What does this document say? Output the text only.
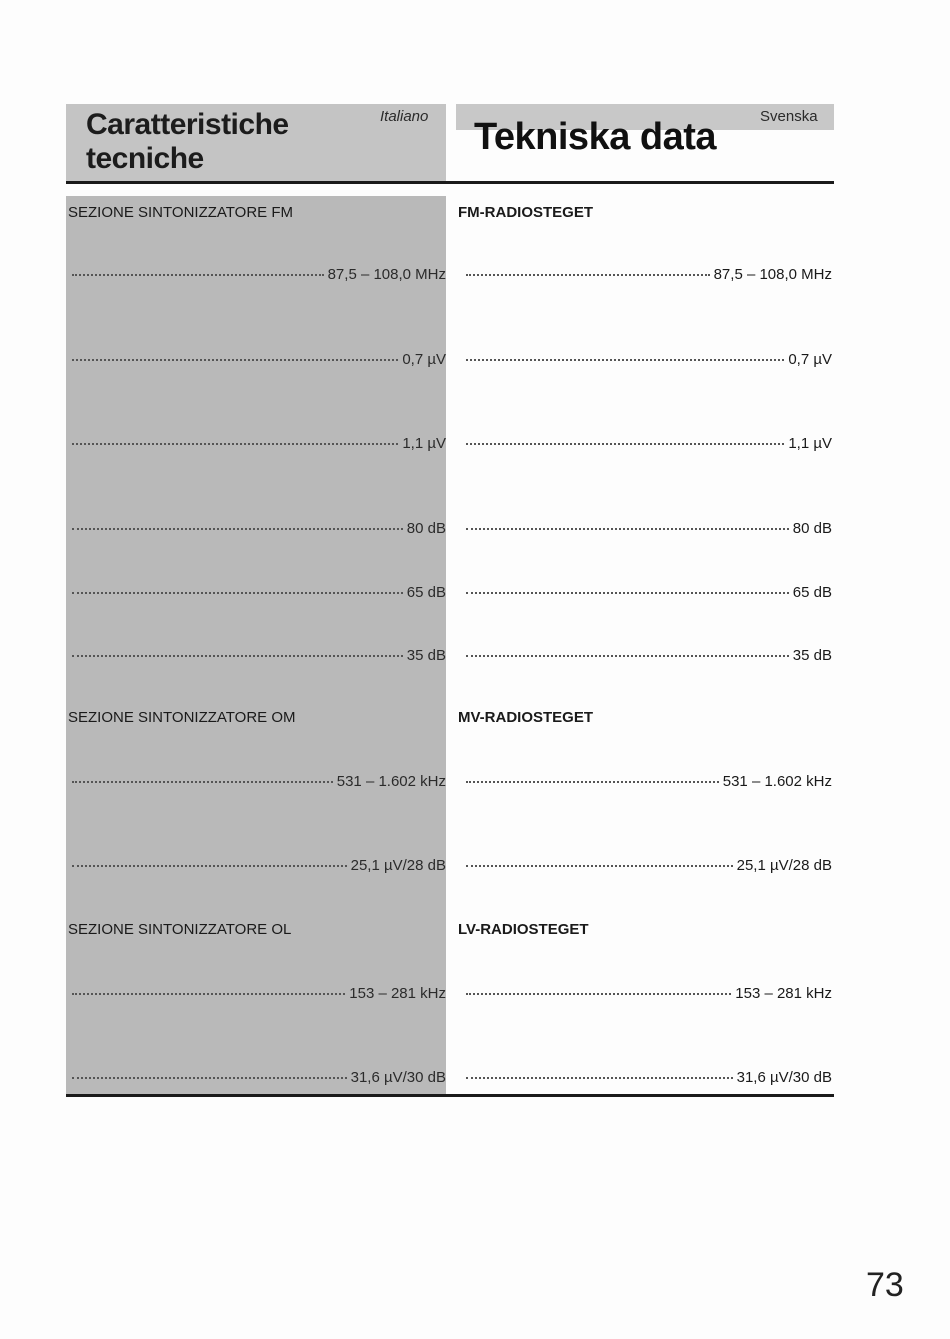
Caratteristiche
tecniche
Italiano Tekniska data	Svenska
SEZIONE SINTONIZZATORE FM
SEZIONE SINTONIZZATORE OM
SEZIONE SINTONIZZATORE OL
FM-RADIOSTEGET
MV-RADIOSTEGET
LV-RADIOSTEGET
87,5 – 108,0 MHz
0,7 µV
1,1 µV
80 dB
65 dB
35 dB
531 – 1.602 kHz
25,1 µV/28 dB
153 – 281 kHz
31,6 µV/30 dB
87,5 – 108,0 MHz
0,7 µV
1,1 µV
80 dB
65 dB
35 dB
531 – 1.602 kHz
25,1 µV/28 dB
153 – 281 kHz
31,6 µV/30 dB
73
